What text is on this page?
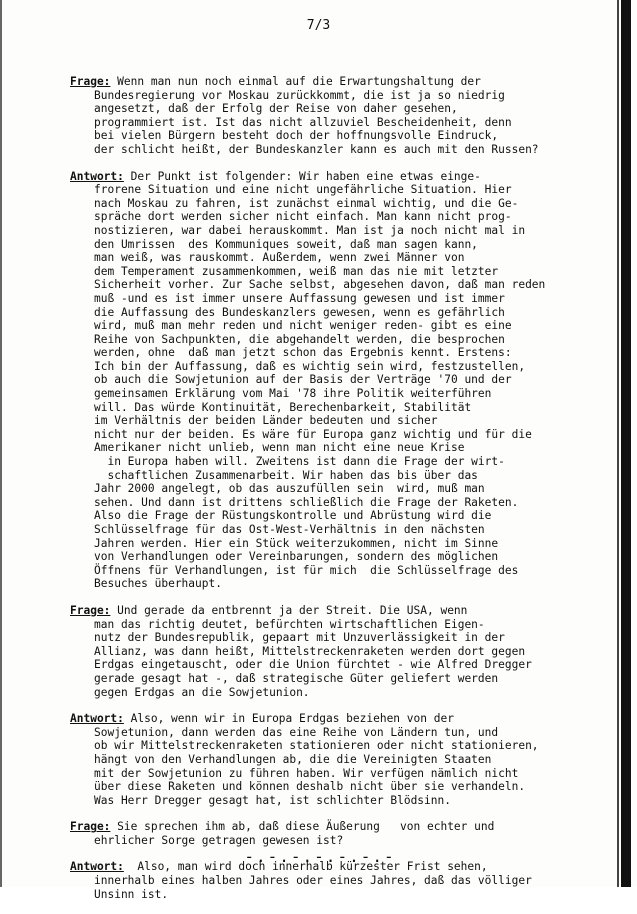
7/3
Frage: Wenn man nun noch einmal auf die Erwartungshaltung der
Bundesregierung vor Moskau zurückkommt, die ist ja so niedrig
angesetzt, daß der Erfolg der Reise von daher gesehen,
programmiert ist. Ist das nicht allzuviel Bescheidenheit, denn
bei vielen Bürgern besteht doch der hoffnungsvolle Eindruck,
der schlicht heißt, der Bundeskanzler kann es auch mit den Russen?
Antwort: Der Punkt ist folgender: Wir haben eine etwas einge-
frorene Situation und eine nicht ungefährliche Situation. Hier
nach Moskau zu fahren, ist zunächst einmal wichtig, und die Ge-
spräche dort werden sicher nicht einfach. Man kann nicht prog-
nostizieren, war dabei herauskommt. Man ist ja noch nicht mal in
den Umrissen  des Kommuniques soweit, daß man sagen kann,
man weiß, was rauskommt. Außerdem, wenn zwei Männer von
dem Temperament zusammenkommen, weiß man das nie mit letzter
Sicherheit vorher. Zur Sache selbst, abgesehen davon, daß man reden
muß -und es ist immer unsere Auffassung gewesen und ist immer
die Auffassung des Bundeskanzlers gewesen, wenn es gefährlich
wird, muß man mehr reden und nicht weniger reden- gibt es eine
Reihe von Sachpunkten, die abgehandelt werden, die besprochen
werden, ohne  daß man jetzt schon das Ergebnis kennt. Erstens:
Ich bin der Auffassung, daß es wichtig sein wird, festzustellen,
ob auch die Sowjetunion auf der Basis der Verträge '70 und der
gemeinsamen Erklärung vom Mai '78 ihre Politik weiterführen
will. Das würde Kontinuität, Berechenbarkeit, Stabilität
im Verhältnis der beiden Länder bedeuten und sicher
nicht nur der beiden. Es wäre für Europa ganz wichtig und für die
Amerikaner nicht unlieb, wenn man nicht eine neue Krise
in Europa haben will. Zweitens ist dann die Frage der wirt-
schaftlichen Zusammenarbeit. Wir haben das bis über das
Jahr 2000 angelegt, ob das auszufüllen sein  wird, muß man
sehen. Und dann ist drittens schließlich die Frage der Raketen.
Also die Frage der Rüstungskontrolle und Abrüstung wird die
Schlüsselfrage für das Ost-West-Verhältnis in den nächsten
Jahren werden. Hier ein Stück weiterzukommen, nicht im Sinne
von Verhandlungen oder Vereinbarungen, sondern des möglichen
Öffnens für Verhandlungen, ist für mich  die Schlüsselfrage des
Besuches überhaupt.
Frage: Und gerade da entbrennt ja der Streit. Die USA, wenn
man das richtig deutet, befürchten wirtschaftlichen Eigen-
nutz der Bundesrepublik, gepaart mit Unzuverlässigkeit in der
Allianz, was dann heißt, Mittelstreckenraketen werden dort gegen
Erdgas eingetauscht, oder die Union fürchtet - wie Alfred Dregger
gerade gesagt hat -, daß strategische Güter geliefert werden
gegen Erdgas an die Sowjetunion.
Antwort: Also, wenn wir in Europa Erdgas beziehen von der
Sowjetunion, dann werden das eine Reihe von Ländern tun, und
ob wir Mittelstreckenraketen stationieren oder nicht stationieren,
hängt von den Verhandlungen ab, die die Vereinigten Staaten
mit der Sowjetunion zu führen haben. Wir verfügen nämlich nicht
über diese Raketen und können deshalb nicht über sie verhandeln.
Was Herr Dregger gesagt hat, ist schlichter Blödsinn.
Frage: Sie sprechen ihm ab, daß diese Äußerung   von echter und
ehrlicher Sorge getragen gewesen ist?
Antwort:  Also, man wird doch innerhalb kürzester Frist sehen,
innerhalb eines halben Jahres oder eines Jahres, daß das völliger
Unsinn ist.
-.-.-.-.-.-.-
